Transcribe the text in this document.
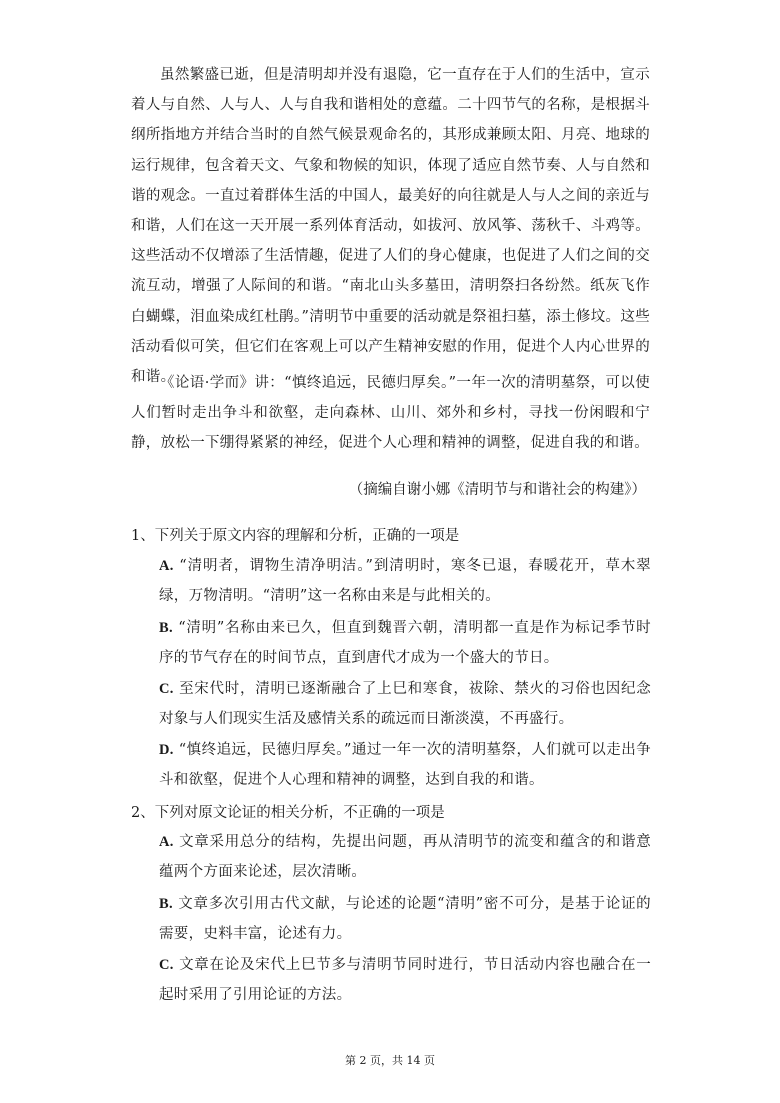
虽然繁盛已逝，但是清明却并没有退隐，它一直存在于人们的生活中，宣示着人与自然、人与人、人与自我和谐相处的意蕴。二十四节气的名称，是根据斗纲所指地方并结合当时的自然气候景观命名的，其形成兼顾太阳、月亮、地球的运行规律，包含着天文、气象和物候的知识，体现了适应自然节奏、人与自然和谐的观念。一直过着群体生活的中国人，最美好的向往就是人与人之间的亲近与和谐，人们在这一天开展一系列体育活动，如拔河、放风筝、荡秋千、斗鸡等。这些活动不仅增添了生活情趣，促进了人们的身心健康，也促进了人们之间的交流互动，增强了人际间的和谐。“南北山头多墓田，清明祭扫各纷然。纸灰飞作白蝴蝶，泪血染成红杜鹃。”清明节中重要的活动就是祭祖扫墓，添土修坟。这些活动看似可笑，但它们在客观上可以产生精神安慰的作用，促进个人内心世界的和谐。

《论语·学而》讲：“慎终追远，民德归厚矣。”一年一次的清明墓祭，可以使人们暂时走出争斗和欲壑，走向森林、山川、郊外和乡村，寻找一份闲暇和宁静，放松一下绷得紧紧的神经，促进个人心理和精神的调整，促进自我的和谐。

（摘编自谢小娜《清明节与和谐社会的构建》）
1、下列关于原文内容的理解和分析，正确的一项是
A. “清明者，谓物生清净明洁。”到清明时，寒冬已退，春暖花开，草木翠绿，万物清明。“清明”这一名称由来是与此相关的。
B. “清明”名称由来已久，但直到魏晋六朝，清明都一直是作为标记季节时序的节气存在的时间节点，直到唐代才成为一个盛大的节日。
C. 至宋代时，清明已逐渐融合了上巳和寒食，祓除、禁火的习俗也因纪念对象与人们现实生活及感情关系的疏远而日渐淡漠，不再盛行。
D. “慎终追远，民德归厚矣。”通过一年一次的清明墓祭，人们就可以走出争斗和欲壑，促进个人心理和精神的调整，达到自我的和谐。
2、下列对原文论证的相关分析，不正确的一项是
A. 文章采用总分的结构，先提出问题，再从清明节的流变和蕴含的和谐意蕴两个方面来论述，层次清晰。
B. 文章多次引用古代文献，与论述的论题“清明”密不可分，是基于论证的需要，史料丰富，论述有力。
C. 文章在论及宋代上巳节多与清明节同时进行，节日活动内容也融合在一起时采用了引用论证的方法。
第 2 页，共 14 页
